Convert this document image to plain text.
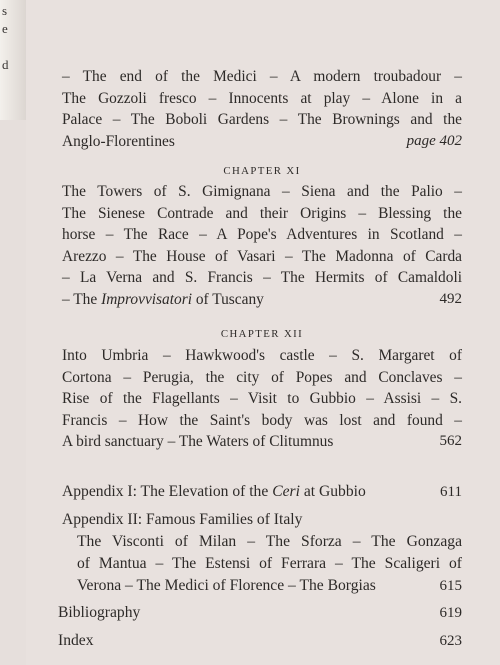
s
e

d
– The end of the Medici – A modern troubadour –
The Gozzoli fresco – Innocents at play – Alone in a
Palace – The Boboli Gardens – The Brownings and the
Anglo-Florentines	page 402
CHAPTER XI
The Towers of S. Gimignana – Siena and the Palio –
The Sienese Contrade and their Origins – Blessing the
horse – The Race – A Pope's Adventures in Scotland –
Arezzo – The House of Vasari – The Madonna of Carda
– La Verna and S. Francis – The Hermits of Camaldoli
– The Improvvisatori of Tuscany	492
CHAPTER XII
Into Umbria – Hawkwood's castle – S. Margaret of
Cortona – Perugia, the city of Popes and Conclaves –
Rise of the Flagellants – Visit to Gubbio – Assisi – S.
Francis – How the Saint's body was lost and found –
A bird sanctuary – The Waters of Clitumnus	562
Appendix I: The Elevation of the Ceri at Gubbio	611
Appendix II: Famous Families of Italy
The Visconti of Milan – The Sforza – The Gonzaga
of Mantua – The Estensi of Ferrara – The Scaligeri of
Verona – The Medici of Florence – The Borgias	615
Bibliography	619
Index	623
